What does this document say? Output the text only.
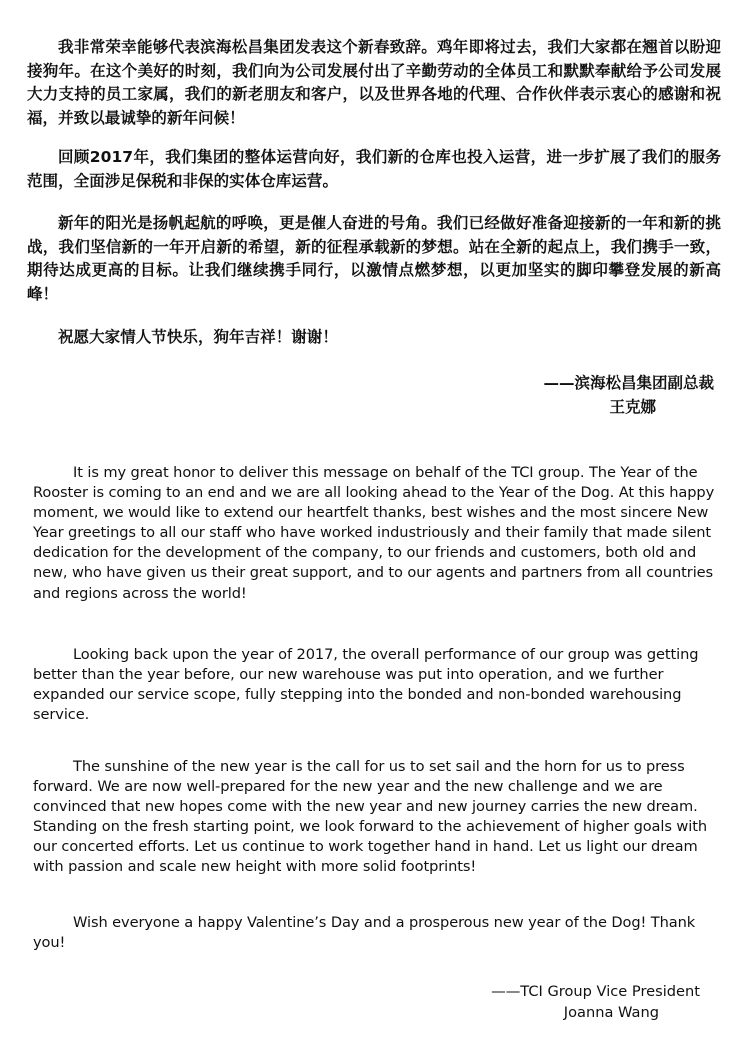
我非常荣幸能够代表滨海松昌集团发表这个新春致辞。鸡年即将过去，我们大家都在翘首以盼迎接狗年。在这个美好的时刻，我们向为公司发展付出了辛勤劳动的全体员工和默默奉献给予公司发展大力支持的员工家属，我们的新老朋友和客户，以及世界各地的代理、合作伙伴表示衷心的感谢和祝福，并致以最诚挚的新年问候！

回顾2017年，我们集团的整体运营向好，我们新的仓库也投入运营，进一步扩展了我们的服务范围，全面涉足保税和非保的实体仓库运营。

新年的阳光是扬帆起航的呼唤，更是催人奋进的号角。我们已经做好准备迎接新的一年和新的挑战，我们坚信新的一年开启新的希望，新的征程承载新的梦想。站在全新的起点上，我们携手一致，期待达成更高的目标。让我们继续携手同行，以激情点燃梦想，以更加坚实的脚印攀登发展的新高峰！

祝愿大家情人节快乐，狗年吉祥！谢谢！

——滨海松昌集团副总裁
王克娜

It is my great honor to deliver this message on behalf of the TCI group. The Year of the Rooster is coming to an end and we are all looking ahead to the Year of the Dog. At this happy moment, we would like to extend our heartfelt thanks, best wishes and the most sincere New Year greetings to all our staff who have worked industriously and their family that made silent dedication for the development of the company, to our friends and customers, both old and new, who have given us their great support, and to our agents and partners from all countries and regions across the world!

Looking back upon the year of 2017, the overall performance of our group was getting better than the year before, our new warehouse was put into operation, and we further expanded our service scope, fully stepping into the bonded and non-bonded warehousing service.

The sunshine of the new year is the call for us to set sail and the horn for us to press forward. We are now well-prepared for the new year and the new challenge and we are convinced that new hopes come with the new year and new journey carries the new dream. Standing on the fresh starting point, we look forward to the achievement of higher goals with our concerted efforts. Let us continue to work together hand in hand. Let us light our dream with passion and scale new height with more solid footprints!

Wish everyone a happy Valentine’s Day and a prosperous new year of the Dog! Thank you!

——TCI Group Vice President
Joanna Wang
